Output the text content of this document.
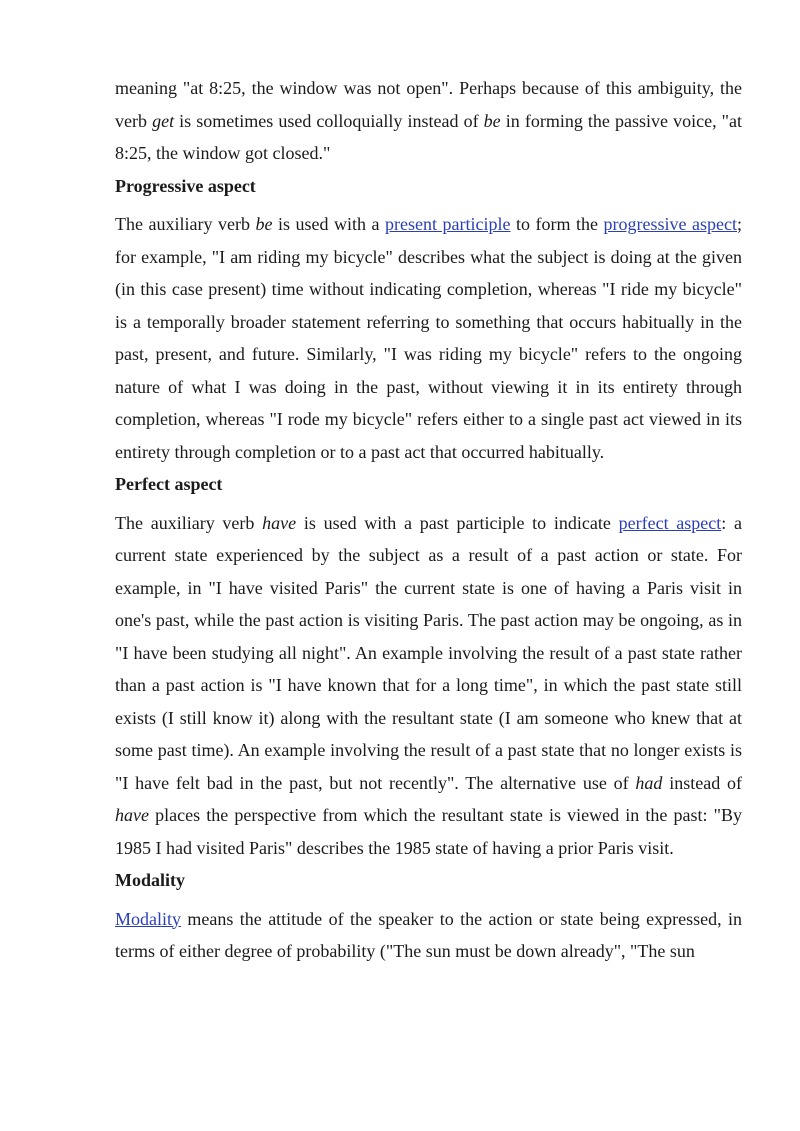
meaning "at 8:25, the window was not open". Perhaps because of this ambiguity, the verb get is sometimes used colloquially instead of be in forming the passive voice, "at 8:25, the window got closed."

Progressive aspect

The auxiliary verb be is used with a present participle to form the progressive aspect; for example, "I am riding my bicycle" describes what the subject is doing at the given (in this case present) time without indicating completion, whereas "I ride my bicycle" is a temporally broader statement referring to something that occurs habitually in the past, present, and future. Similarly, "I was riding my bicycle" refers to the ongoing nature of what I was doing in the past, without viewing it in its entirety through completion, whereas "I rode my bicycle" refers either to a single past act viewed in its entirety through completion or to a past act that occurred habitually.

Perfect aspect

The auxiliary verb have is used with a past participle to indicate perfect aspect: a current state experienced by the subject as a result of a past action or state. For example, in "I have visited Paris" the current state is one of having a Paris visit in one's past, while the past action is visiting Paris. The past action may be ongoing, as in "I have been studying all night". An example involving the result of a past state rather than a past action is "I have known that for a long time", in which the past state still exists (I still know it) along with the resultant state (I am someone who knew that at some past time). An example involving the result of a past state that no longer exists is "I have felt bad in the past, but not recently". The alternative use of had instead of have places the perspective from which the resultant state is viewed in the past: "By 1985 I had visited Paris" describes the 1985 state of having a prior Paris visit.

Modality

Modality means the attitude of the speaker to the action or state being expressed, in terms of either degree of probability ("The sun must be down already", "The sun
